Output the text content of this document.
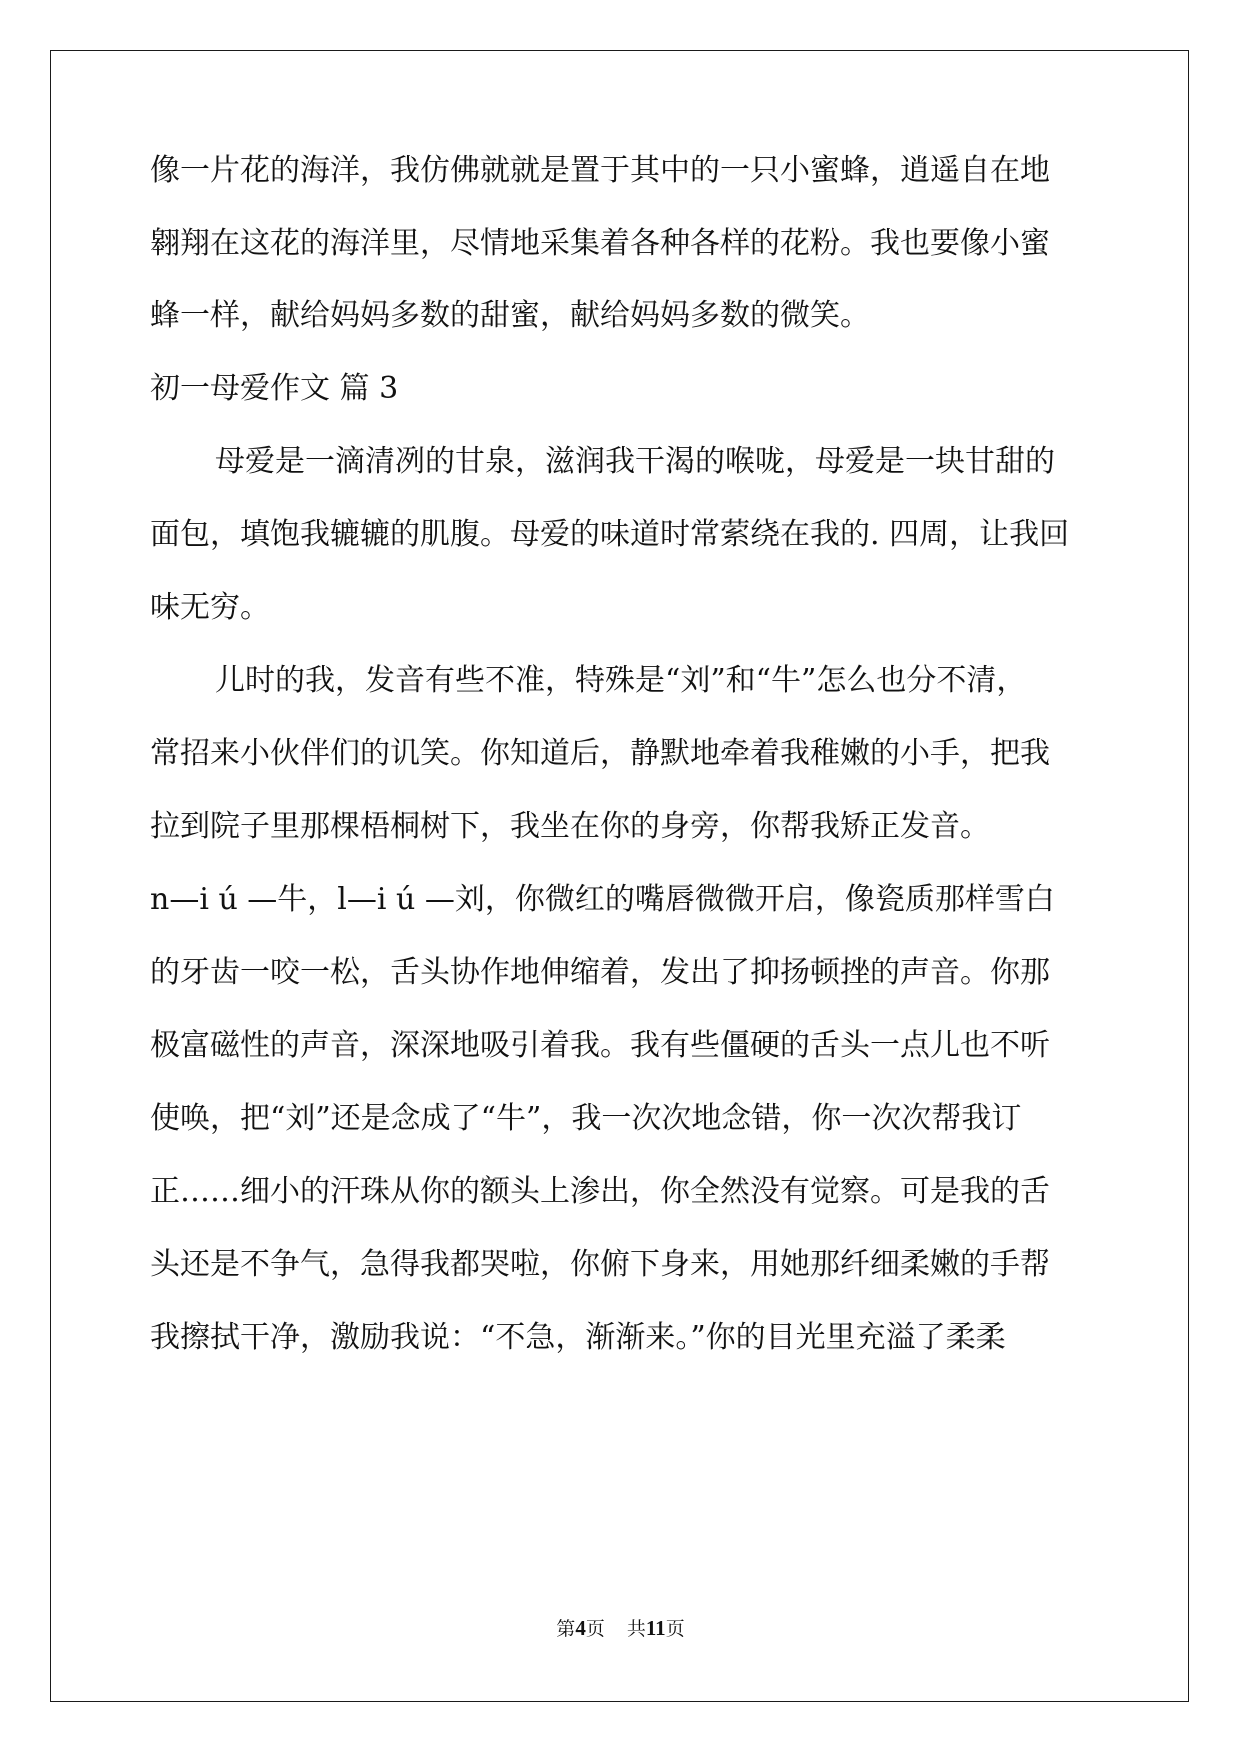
像一片花的海洋，我仿佛就就是置于其中的一只小蜜蜂，逍遥自在地
翱翔在这花的海洋里，尽情地采集着各种各样的花粉。我也要像小蜜
蜂一样，献给妈妈多数的甜蜜，献给妈妈多数的微笑。
初一母爱作文 篇 3
母爱是一滴清冽的甘泉，滋润我干渴的喉咙，母爱是一块甘甜的
面包，填饱我辘辘的肌腹。母爱的味道时常萦绕在我的. 四周，让我回
味无穷。
儿时的我，发音有些不准，特殊是“刘”和“牛”怎么也分不清，
常招来小伙伴们的讥笑。你知道后，静默地牵着我稚嫩的小手，把我
拉到院子里那棵梧桐树下，我坐在你的身旁，你帮我矫正发音。
n—i ú —牛，l—i ú —刘，你微红的嘴唇微微开启，像瓷质那样雪白
的牙齿一咬一松，舌头协作地伸缩着，发出了抑扬顿挫的声音。你那
极富磁性的声音，深深地吸引着我。我有些僵硬的舌头一点儿也不听
使唤，把“刘”还是念成了“牛”，我一次次地念错，你一次次帮我订
正……细小的汗珠从你的额头上渗出，你全然没有觉察。可是我的舌
头还是不争气，急得我都哭啦，你俯下身来，用她那纤细柔嫩的手帮
我擦拭干净，激励我说：“不急，渐渐来。”你的目光里充溢了柔柔
第4页 共11页
